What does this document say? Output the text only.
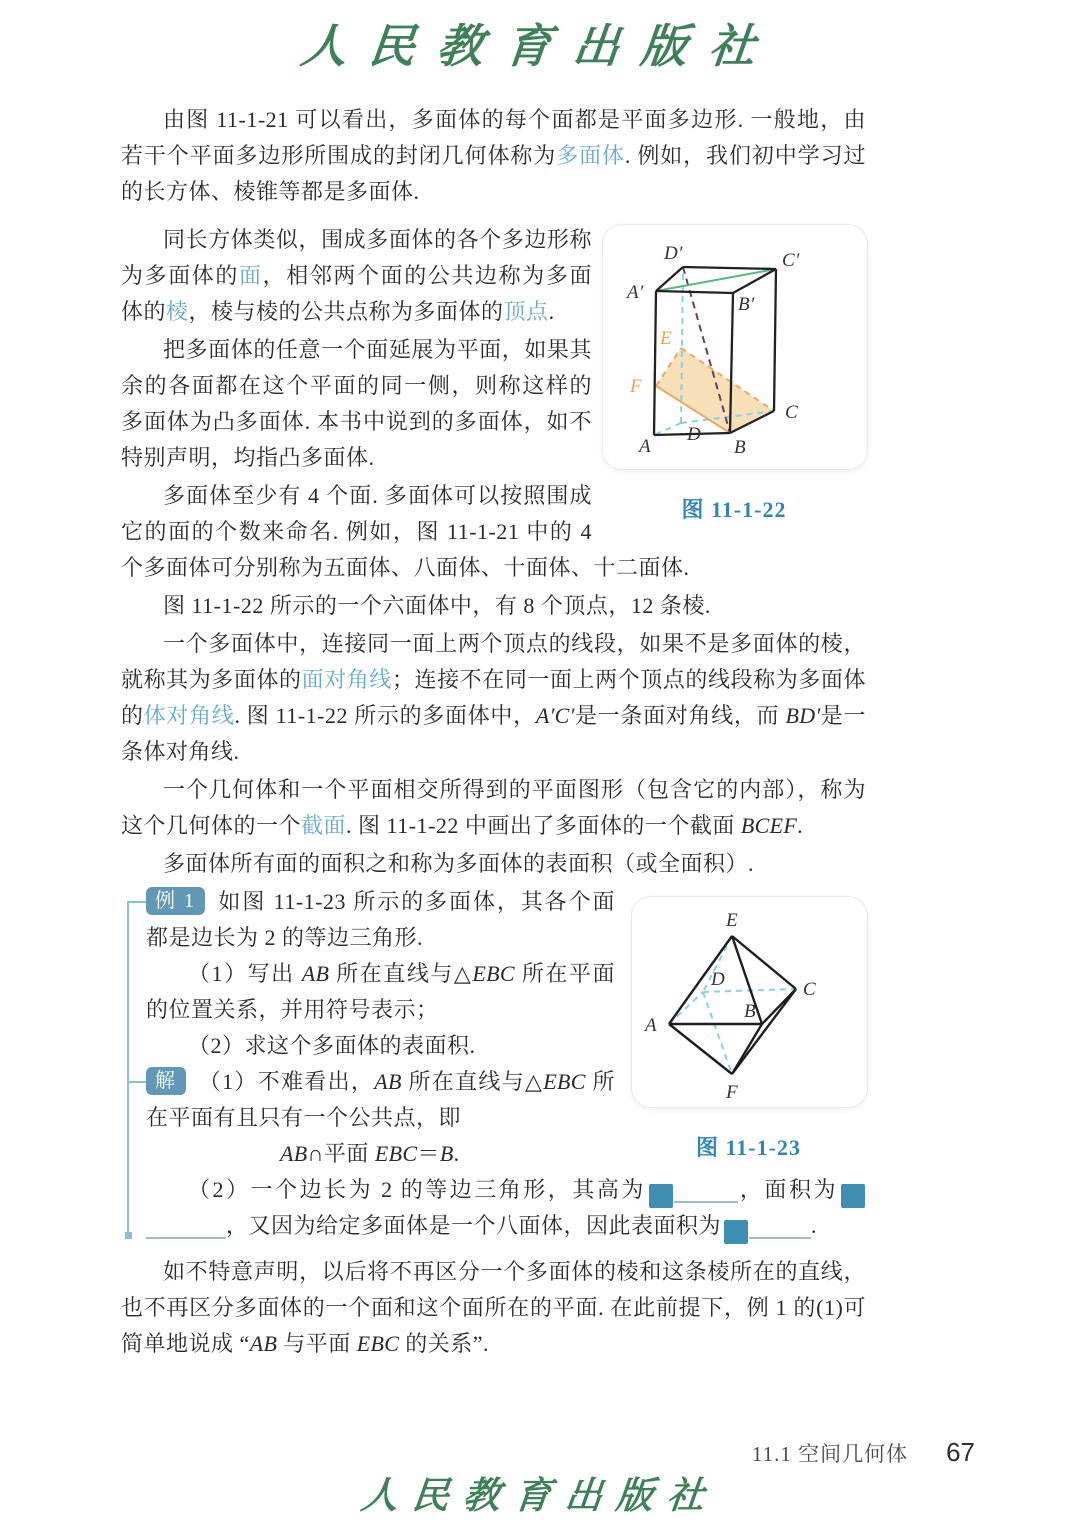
人民教育出版社

由图 11-1-21 可以看出，多面体的每个面都是平面多边形. 一般地，由若干个平面多边形所围成的封闭几何体称为多面体. 例如，我们初中学习过的长方体、棱锥等都是多面体.

A	B
C
D
A′
B′
C′
D′
E
F
图 11-1-22

同长方体类似，围成多面体的各个多边形称为多面体的面，相邻两个面的公共边称为多面体的棱，棱与棱的公共点称为多面体的顶点.

把多面体的任意一个面延展为平面，如果其余的各面都在这个平面的同一侧，则称这样的多面体为凸多面体. 本书中说到的多面体，如不特别声明，均指凸多面体.

多面体至少有 4 个面. 多面体可以按照围成它的面的个数来命名. 例如，图 11-1-21 中的 4 个多面体可分别称为五面体、八面体、十面体、十二面体.

图 11-1-22 所示的一个六面体中，有 8 个顶点，12 条棱.

一个多面体中，连接同一面上两个顶点的线段，如果不是多面体的棱，就称其为多面体的面对角线；连接不在同一面上两个顶点的线段称为多面体的体对角线. 图 11-1-22 所示的多面体中，A′C′是一条面对角线，而 BD′是一条体对角线.

一个几何体和一个平面相交所得到的平面图形（包含它的内部），称为这个几何体的一个截面. 图 11-1-22 中画出了多面体的一个截面 BCEF.

多面体所有面的面积之和称为多面体的表面积（或全面积）.

E
D	C
A
B
F
图 11-1-23

例 1 如图 11-1-23 所示的多面体，其各个面都是边长为 2 的等边三角形.

（1）写出 AB 所在直线与△EBC 所在平面的位置关系，并用符号表示；

（2）求这个多面体的表面积.

解 （1）不难看出，AB 所在直线与△EBC 所在平面有且只有一个公共点，即

AB∩平面 EBC＝B.

（2）一个边长为 2 的等边三角形，其高为	1 ，面积为	2，又因为给定多面体是一个八面体，因此表面积为	3 .

如不特意声明，以后将不再区分一个多面体的棱和这条棱所在的直线，也不再区分多面体的一个面和这个面所在的平面. 在此前提下，例 1 的(1)可简单地说成 “AB 与平面 EBC 的关系”.

11.1 空间几何体 67
人民教育出版社
